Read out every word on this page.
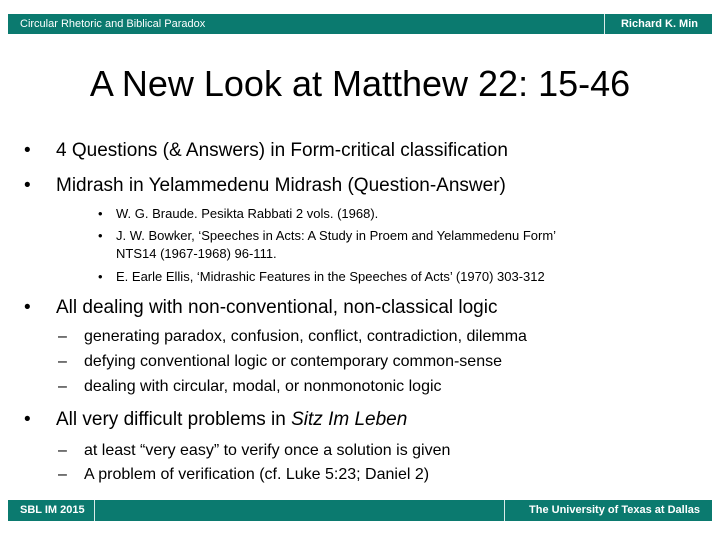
Circular Rhetoric and Biblical Paradox	Richard K. Min
A New Look at Matthew 22: 15-46
• 4 Questions (& Answers) in Form-critical classification
• Midrash in Yelammedenu Midrash (Question-Answer)
• W. G. Braude. Pesikta Rabbati 2 vols. (1968).
• J. W. Bowker, ‘Speeches in Acts: A Study in Proem and Yelammedenu Form’
NTS14 (1967-1968) 96-111.
• E. Earle Ellis, ‘Midrashic Features in the Speeches of Acts’ (1970) 303-312
• All dealing with non-conventional, non-classical logic
– generating paradox, confusion, conflict, contradiction, dilemma
– defying conventional logic or contemporary common-sense
– dealing with circular, modal, or nonmonotonic logic
• All very difficult problems in Sitz Im Leben
– at least “very easy” to verify once a solution is given
– A problem of verification (cf. Luke 5:23; Daniel 2)
SBL IM 2015	The University of Texas at Dallas
